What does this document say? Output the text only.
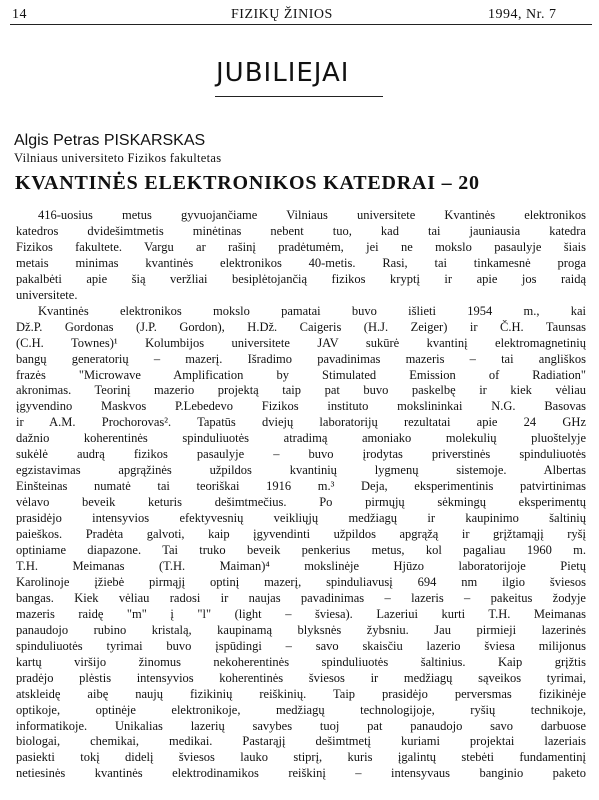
14	FIZIKŲ ŽINIOS	1994, Nr. 7
JUBILIEJAI
Algis Petras PISKARSKAS
Vilniaus universiteto Fizikos fakultetas
KVANTINĖS ELEKTRONIKOS KATEDRAI – 20
416-uosius metus gyvuojančiame Vilniaus universitete Kvantinės elektronikos
katedros dvidešimtmetis minėtinas nebent tuo, kad tai jauniausia katedra
Fizikos fakultete. Vargu ar rašinį pradėtumėm, jei ne mokslo pasaulyje šiais
metais minimas kvantinės elektronikos 40-metis. Rasi, tai tinkamesnė proga
pakalbėti apie šią veržliai besiplėtojančią fizikos kryptį ir apie jos raidą
universitete.
Kvantinės elektronikos mokslo pamatai buvo išlieti 1954 m., kai
Dž.P. Gordonas (J.P. Gordon), H.Dž. Caigeris (H.J. Zeiger) ir Č.H. Taunsas
(C.H. Townes)¹ Kolumbijos universitete JAV sukūrė kvantinį elektromagnetinių
bangų generatorių – mazerį. Išradimo pavadinimas mazeris – tai angliškos
frazės "Microwave Amplification by Stimulated Emission of Radiation"
akronimas. Teorinį mazerio projektą taip pat buvo paskelbę ir kiek vėliau
įgyvendino Maskvos P.Lebedevo Fizikos instituto mokslininkai N.G. Basovas
ir A.M. Prochorovas². Tapatūs dviejų laboratorijų rezultatai apie 24 GHz
dažnio koherentinės spinduliuotės atradimą amoniako molekulių pluoštelyje
sukėlė audrą fizikos pasaulyje – buvo įrodytas priverstinės spinduliuotės
egzistavimas apgrąžinės užpildos kvantinių lygmenų sistemoje. Albertas
Einšteinas numatė tai teoriškai 1916 m.³ Deja, eksperimentinis patvirtinimas
vėlavo beveik keturis dešimtmečius. Po pirmųjų sėkmingų eksperimentų
prasidėjo intensyvios efektyvesnių veikliųjų medžiagų ir kaupinimo šaltinių
paieškos. Pradėta galvoti, kaip įgyvendinti užpildos apgrąžą ir grįžtamąjį ryšį
optiniame diapazone. Tai truko beveik penkerius metus, kol pagaliau 1960 m.
T.H. Meimanas (T.H. Maiman)⁴ mokslinėje Hjūzo laboratorijoje Pietų
Karolinoje įžiebė pirmąjį optinį mazerį, spinduliavusį 694 nm ilgio šviesos
bangas. Kiek vėliau radosi ir naujas pavadinimas – lazeris – pakeitus žodyje
mazeris raidę "m" į "l" (light – šviesa). Lazeriui kurti T.H. Meimanas
panaudojo rubino kristalą, kaupinamą blyksnės žybsniu. Jau pirmieji lazerinės
spinduliuotės tyrimai buvo įspūdingi – savo skaisčiu lazerio šviesa milijonus
kartų viršijo žinomus nekoherentinės spinduliuotės šaltinius. Kaip grįžtis
pradėjo plėstis intensyvios koherentinės šviesos ir medžiagų sąveikos tyrimai,
atskleidę aibę naujų fizikinių reiškinių. Taip prasidėjo perversmas fizikinėje
optikoje, optinėje elektronikoje, medžiagų technologijoje, ryšių technikoje,
informatikoje. Unikalias lazerių savybes tuoj pat panaudojo savo darbuose
biologai, chemikai, medikai. Pastarąjį dešimtmetį kuriami projektai lazeriais
pasiekti tokį didelį šviesos lauko stiprį, kuris įgalintų stebėti fundamentinį
netiesinės kvantinės elektrodinamikos reiškinį – intensyvaus banginio paketo
